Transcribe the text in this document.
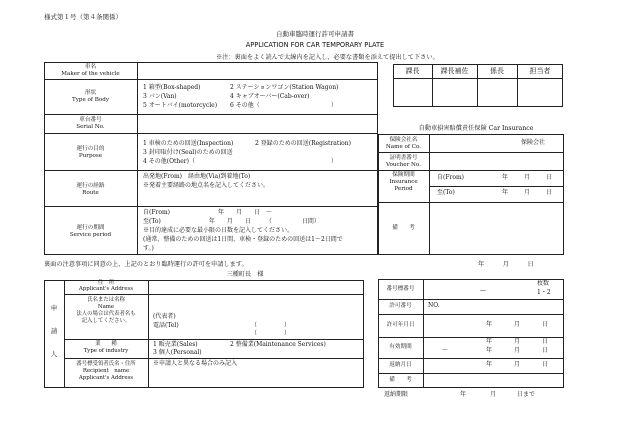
様式第１号（第４条関係）
自動車臨時運行許可申請書
APPLICATION FOR CAR TEMPORARY PLATE
※注：裏面をよく読んで太線内を記入し、必要な書類を添えて提出して下さい。
課長	課長補佐	係長	担当者
車名
Maker of the vehicle
形状
Type of Body
1 箱型(Box-shaped)	2 ステーションワゴン(Station Wagon)
3 バン(Van)	4 キャブオーバー(Cab-over)
5 オートバイ(motorcycle) 6 その他（	）
車台番号
Serial No.
運行の目的
Purpose
1 車検のための回送(Inspection)	2 登録のための回送(Registration)
3 封印取付け(Seal)のための回送
4 その他(Other)（	）
運行の経路
Route
出発地(From)　経由地(Via)到着地(To)
※発着主要経路の地点名を記入してください。
運行の期間
Service period
自(From)　　　　　　　　年　　月　　日　～
至(To)　　　　　　　　年　　月　　日　　　（　　　　　日間）
※目的達成に必要な最小限の日数を記入してください。
(通常、整備のための回送は1日間、車検・登録のための回送は1～2日間で
す。)
自動車損害賠償責任保険 Car Insurance
保険会社名
Name of Co.
保険会社
証明書番号
Voucher No.
保険期間
Insurance
Period
自(From)	年	月	日
至(To)	年	月	日
備　　考
裏面の注意事項に同意の上、上記のとおり臨時運行の許可を申請します。	年　　　月　　　日
三種町長　様
申
請
人
住　所
Applicant's Address
氏名または名称
Name
法人の場合は代表者名も
記入してください。
(代表者)
電話(Tel)	（	）
（	）
業　　種
Type of industry
1 販売業(Sales)	2 整備業(Maintenance Services)
3 個人(Personal)
番号標受領者氏名・住所
Recipient　name
Applicant's Address
※申請人と異なる場合のみ記入
番号標番号	—
枚数
1・2
許可番号	NO.
許可年月日	年	月	日
有効期間
年	月	日
～	年	月	日
返納月日	年	月	日
備　　考
返納期限	年	月	日まで
